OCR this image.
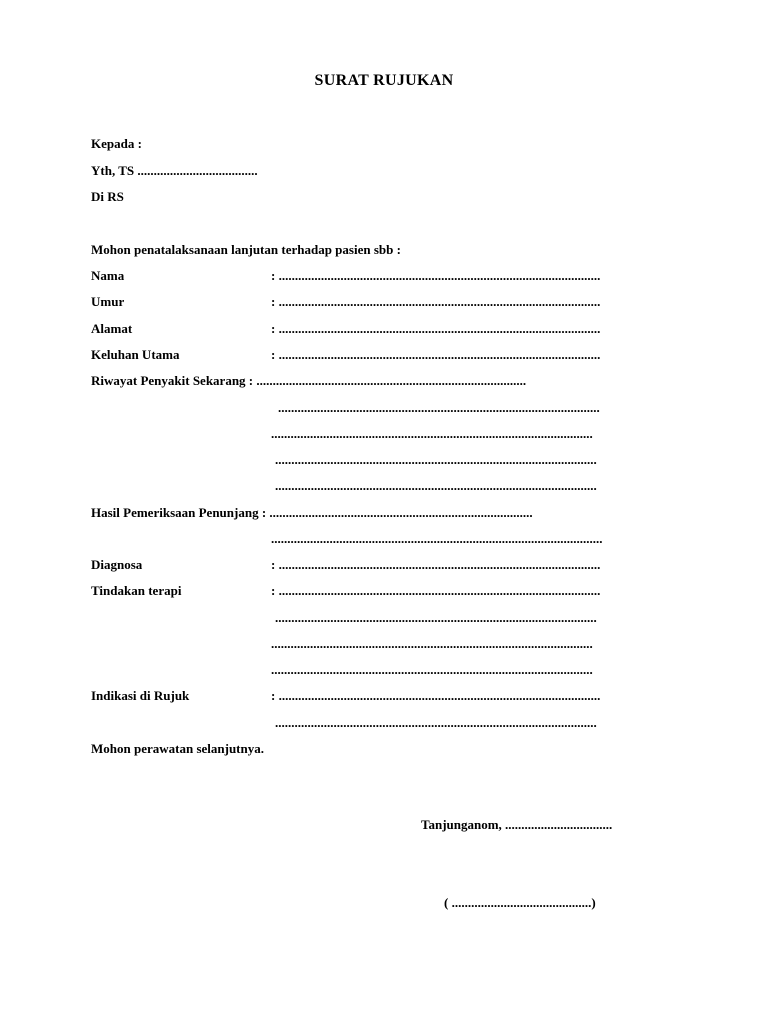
SURAT RUJUKAN
Kepada :
Yth, TS .....................................
Di RS
Mohon penatalaksanaan lanjutan terhadap pasien sbb :
Nama	: ...................................................................................................
Umur	: ...................................................................................................
Alamat	: ...................................................................................................
Keluhan Utama	: ...................................................................................................
Riwayat Penyakit Sekarang : ...................................................................................
...................................................................................................
...................................................................................................
...................................................................................................
...................................................................................................
Hasil Pemeriksaan Penunjang : .................................................................................
......................................................................................................
Diagnosa	: ...................................................................................................
Tindakan terapi	: ...................................................................................................
...................................................................................................
...................................................................................................
...................................................................................................
Indikasi di Rujuk	: ...................................................................................................
...................................................................................................
Mohon perawatan selanjutnya.
Tanjunganom, .................................
( ...........................................)
